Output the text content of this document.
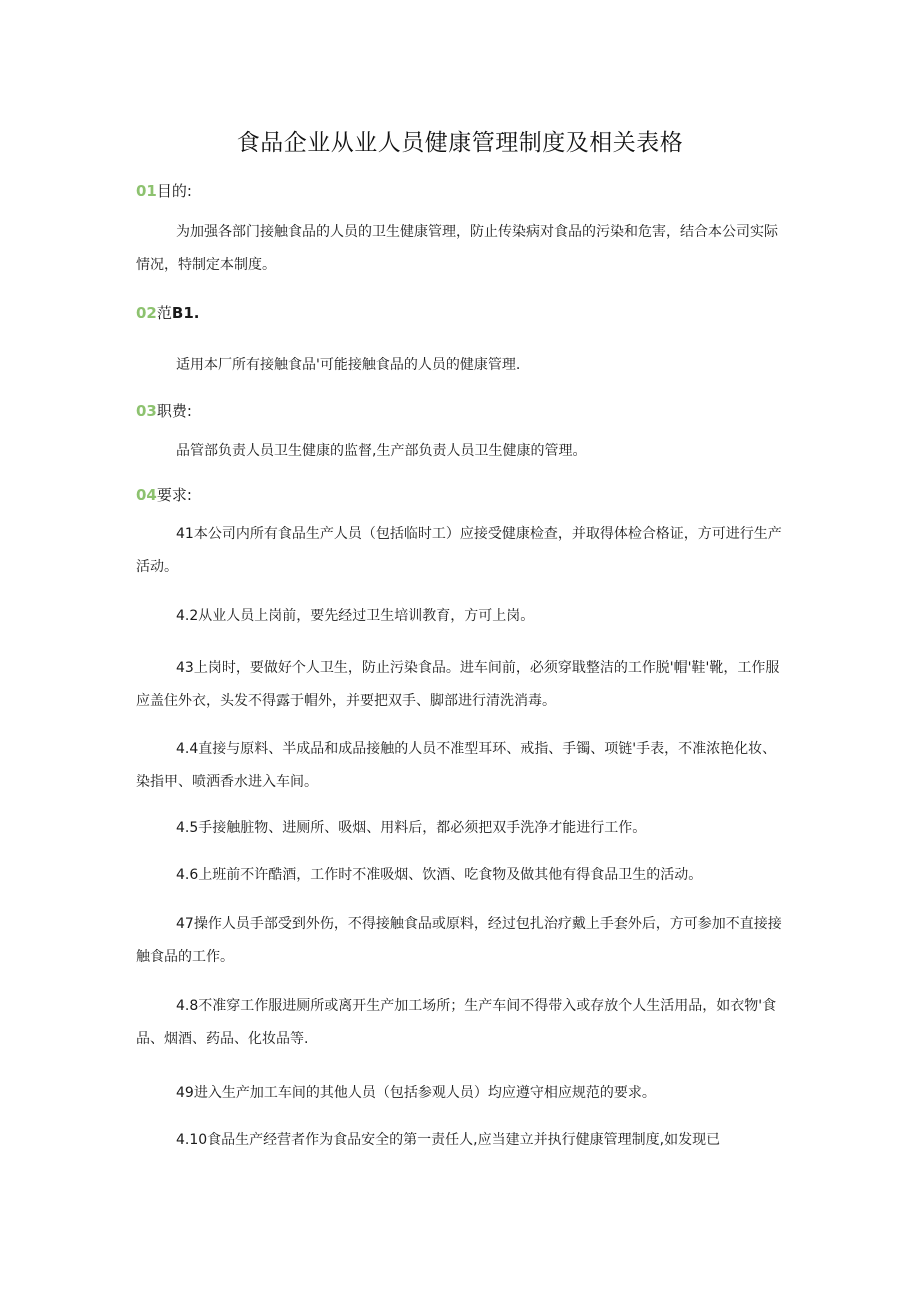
食品企业从业人员健康管理制度及相关表格
01目的:

为加强各部门接触食品的人员的卫生健康管理，防止传染病对食品的污染和危害，结合本公司实际情况，特制定本制度。

02范B1.

适用本厂所有接触食品'可能接触食品的人员的健康管理.

03职费:

品管部负责人员卫生健康的监督,生产部负责人员卫生健康的管理。

04要求:

41本公司内所有食品生产人员（包括临时工）应接受健康检查，并取得体检合格证，方可进行生产活动。

4.2从业人员上岗前，要先经过卫生培训教育，方可上岗。

43上岗时，要做好个人卫生，防止污染食品。进车间前，必须穿戢整洁的工作脱'帽'鞋'靴，工作服应盖住外衣，头发不得露于帽外，并要把双手、脚部进行清洗消毒。

4.4直接与原料、半成品和成品接触的人员不准型耳环、戒指、手镯、项链'手表，不准浓艳化妆、染指甲、喷洒香水进入车间。

4.5手接触脏物、进厕所、吸烟、用料后，都必须把双手洗净才能进行工作。

4.6上班前不许酷酒，工作时不准吸烟、饮酒、吃食物及做其他有得食品卫生的活动。

47操作人员手部受到外伤，不得接触食品或原料，经过包扎治疗戴上手套外后，方可参加不直接接触食品的工作。

4.8不准穿工作服进厕所或离开生产加工场所；生产车间不得带入或存放个人生活用品，如衣物'食品、烟酒、药品、化妆品等.

49进入生产加工车间的其他人员（包括参观人员）均应遵守相应规范的要求。

4.10食品生产经营者作为食品安全的第一责任人,应当建立并执行健康管理制度,如发现已
